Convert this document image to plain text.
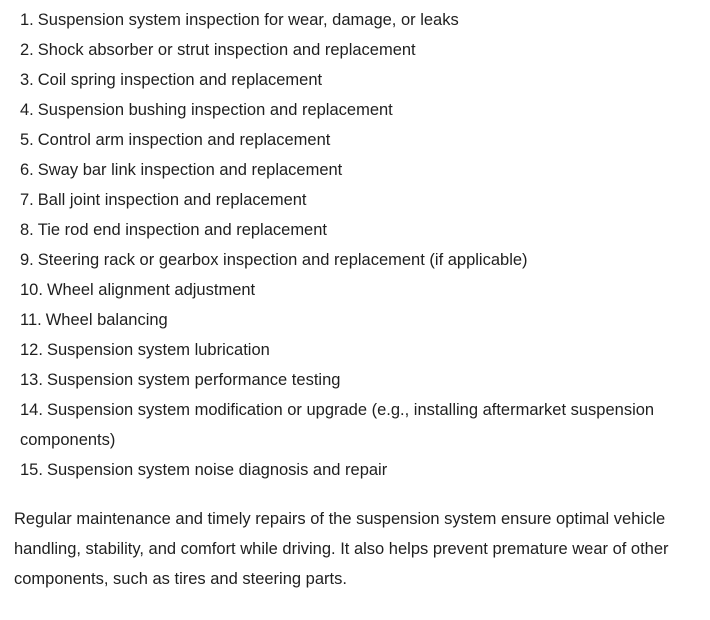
1. Suspension system inspection for wear, damage, or leaks
2. Shock absorber or strut inspection and replacement
3. Coil spring inspection and replacement
4. Suspension bushing inspection and replacement
5. Control arm inspection and replacement
6. Sway bar link inspection and replacement
7. Ball joint inspection and replacement
8. Tie rod end inspection and replacement
9. Steering rack or gearbox inspection and replacement (if applicable)
10. Wheel alignment adjustment
11. Wheel balancing
12. Suspension system lubrication
13. Suspension system performance testing
14. Suspension system modification or upgrade (e.g., installing aftermarket suspension components)
15. Suspension system noise diagnosis and repair

Regular maintenance and timely repairs of the suspension system ensure optimal vehicle handling, stability, and comfort while driving. It also helps prevent premature wear of other components, such as tires and steering parts.
